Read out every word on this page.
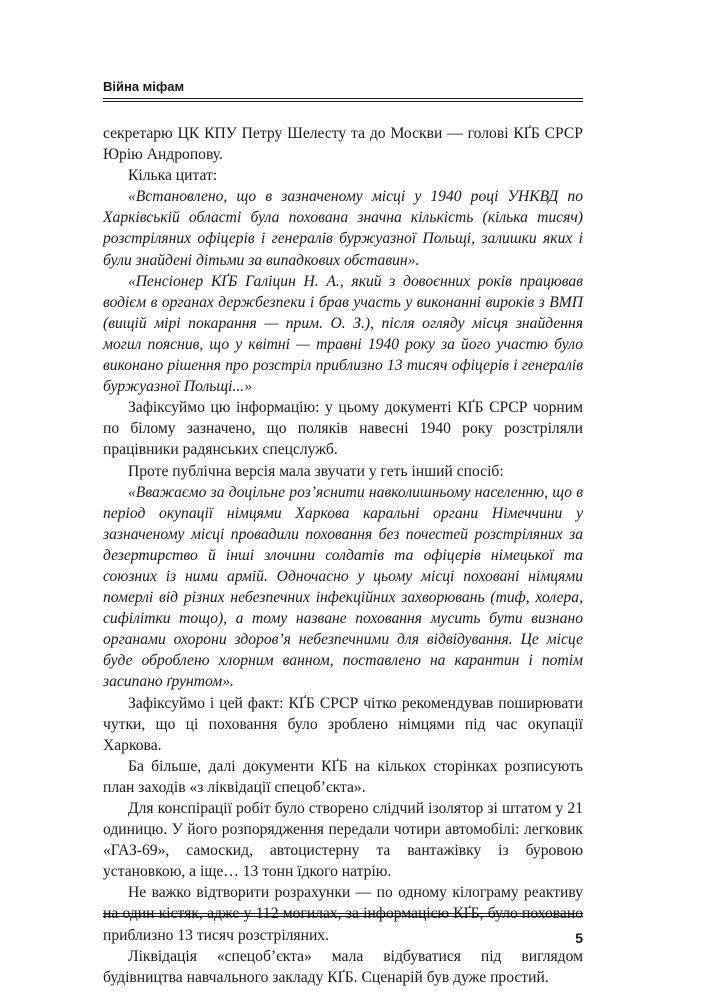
Війна міфам

секретарю ЦК КПУ Петру Шелесту та до Москви — голові КҐБ СРСР Юрію Андропову.

Кілька цитат:

«Встановлено, що в зазначеному місці у 1940 році УНКВД по Харківській області була похована значна кількість (кілька тисяч) розстріляних офіцерів і генералів буржуазної Польщі, залишки яких і були знайдені дітьми за випадкових обставин».

«Пенсіонер КҐБ Галіцин Н. А., який з довоєнних років працював водієм в органах держбезпеки і брав участь у виконанні вироків з ВМП (вищій мірі покарання — прим. О. З.), після огляду місця знайдення могил пояснив, що у квітні — травні 1940 року за його участю було виконано рішення про розстріл приблизно 13 тисяч офіцерів і генералів буржуазної Польщі...»

Зафіксуймо цю інформацію: у цьому документі КҐБ СРСР чорним по білому зазначено, що поляків навесні 1940 року розстріляли працівники радянських спецслужб.

Проте публічна версія мала звучати у геть інший спосіб:

«Вважаємо за доцільне роз’яснити навколишньому населенню, що в період окупації німцями Харкова каральні органи Німеччини у зазначеному місці провадили поховання без почестей розстріляних за дезертирство й інші злочини солдатів та офіцерів німецької та союзних із ними армій. Одночасно у цьому місці поховані німцями померлі від різних небезпечних інфекційних захворювань (тиф, холера, сифілітки тощо), а тому назване поховання мусить бути визнано органами охорони здоров’я небезпечними для відвідування. Це місце буде оброблено хлорним ванном, поставлено на карантин і потім засипано ґрунтом».

Зафіксуймо і цей факт: КҐБ СРСР чітко рекомендував поширювати чутки, що ці поховання було зроблено німцями під час окупації Харкова.

Ба більше, далі документи КҐБ на кількох сторінках розписують план заходів «з ліквідації спецоб’єкта».

Для конспірації робіт було створено слідчий ізолятор зі штатом у 21 одиницю. У його розпорядження передали чотири автомобілі: легковик «ГАЗ-69», самоскид, автоцистерну та вантажівку із буровою установкою, а іще… 13 тонн їдкого натрію.

Не важко відтворити розрахунки — по одному кілограму реактиву приблизно 13 тисяч розстріляних.

Ліквідація «спецоб’єкта» мала відбуватися під виглядом будівництва навчального закладу КҐБ. Сценарій був дуже простий.

5
